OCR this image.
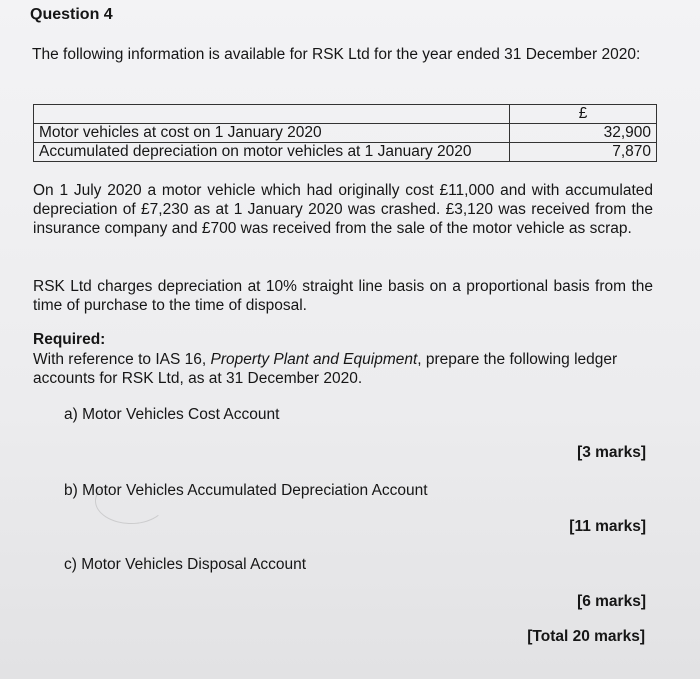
Question 4
The following information is available for RSK Ltd for the year ended 31 December 2020:
	£
Motor vehicles at cost on 1 January 2020	32,900
Accumulated depreciation on motor vehicles at 1 January 2020	7,870
On 1 July 2020 a motor vehicle which had originally cost £11,000 and with accumulated depreciation of £7,230 as at 1 January 2020 was crashed. £3,120 was received from the insurance company and £700 was received from the sale of the motor vehicle as scrap.
RSK Ltd charges depreciation at 10% straight line basis on a proportional basis from the time of purchase to the time of disposal.
Required:
With reference to IAS 16, Property Plant and Equipment, prepare the following ledger accounts for RSK Ltd, as at 31 December 2020.
a) Motor Vehicles Cost Account
[3 marks]
b) Motor Vehicles Accumulated Depreciation Account
[11 marks]
c) Motor Vehicles Disposal Account
[6 marks]
[Total 20 marks]
